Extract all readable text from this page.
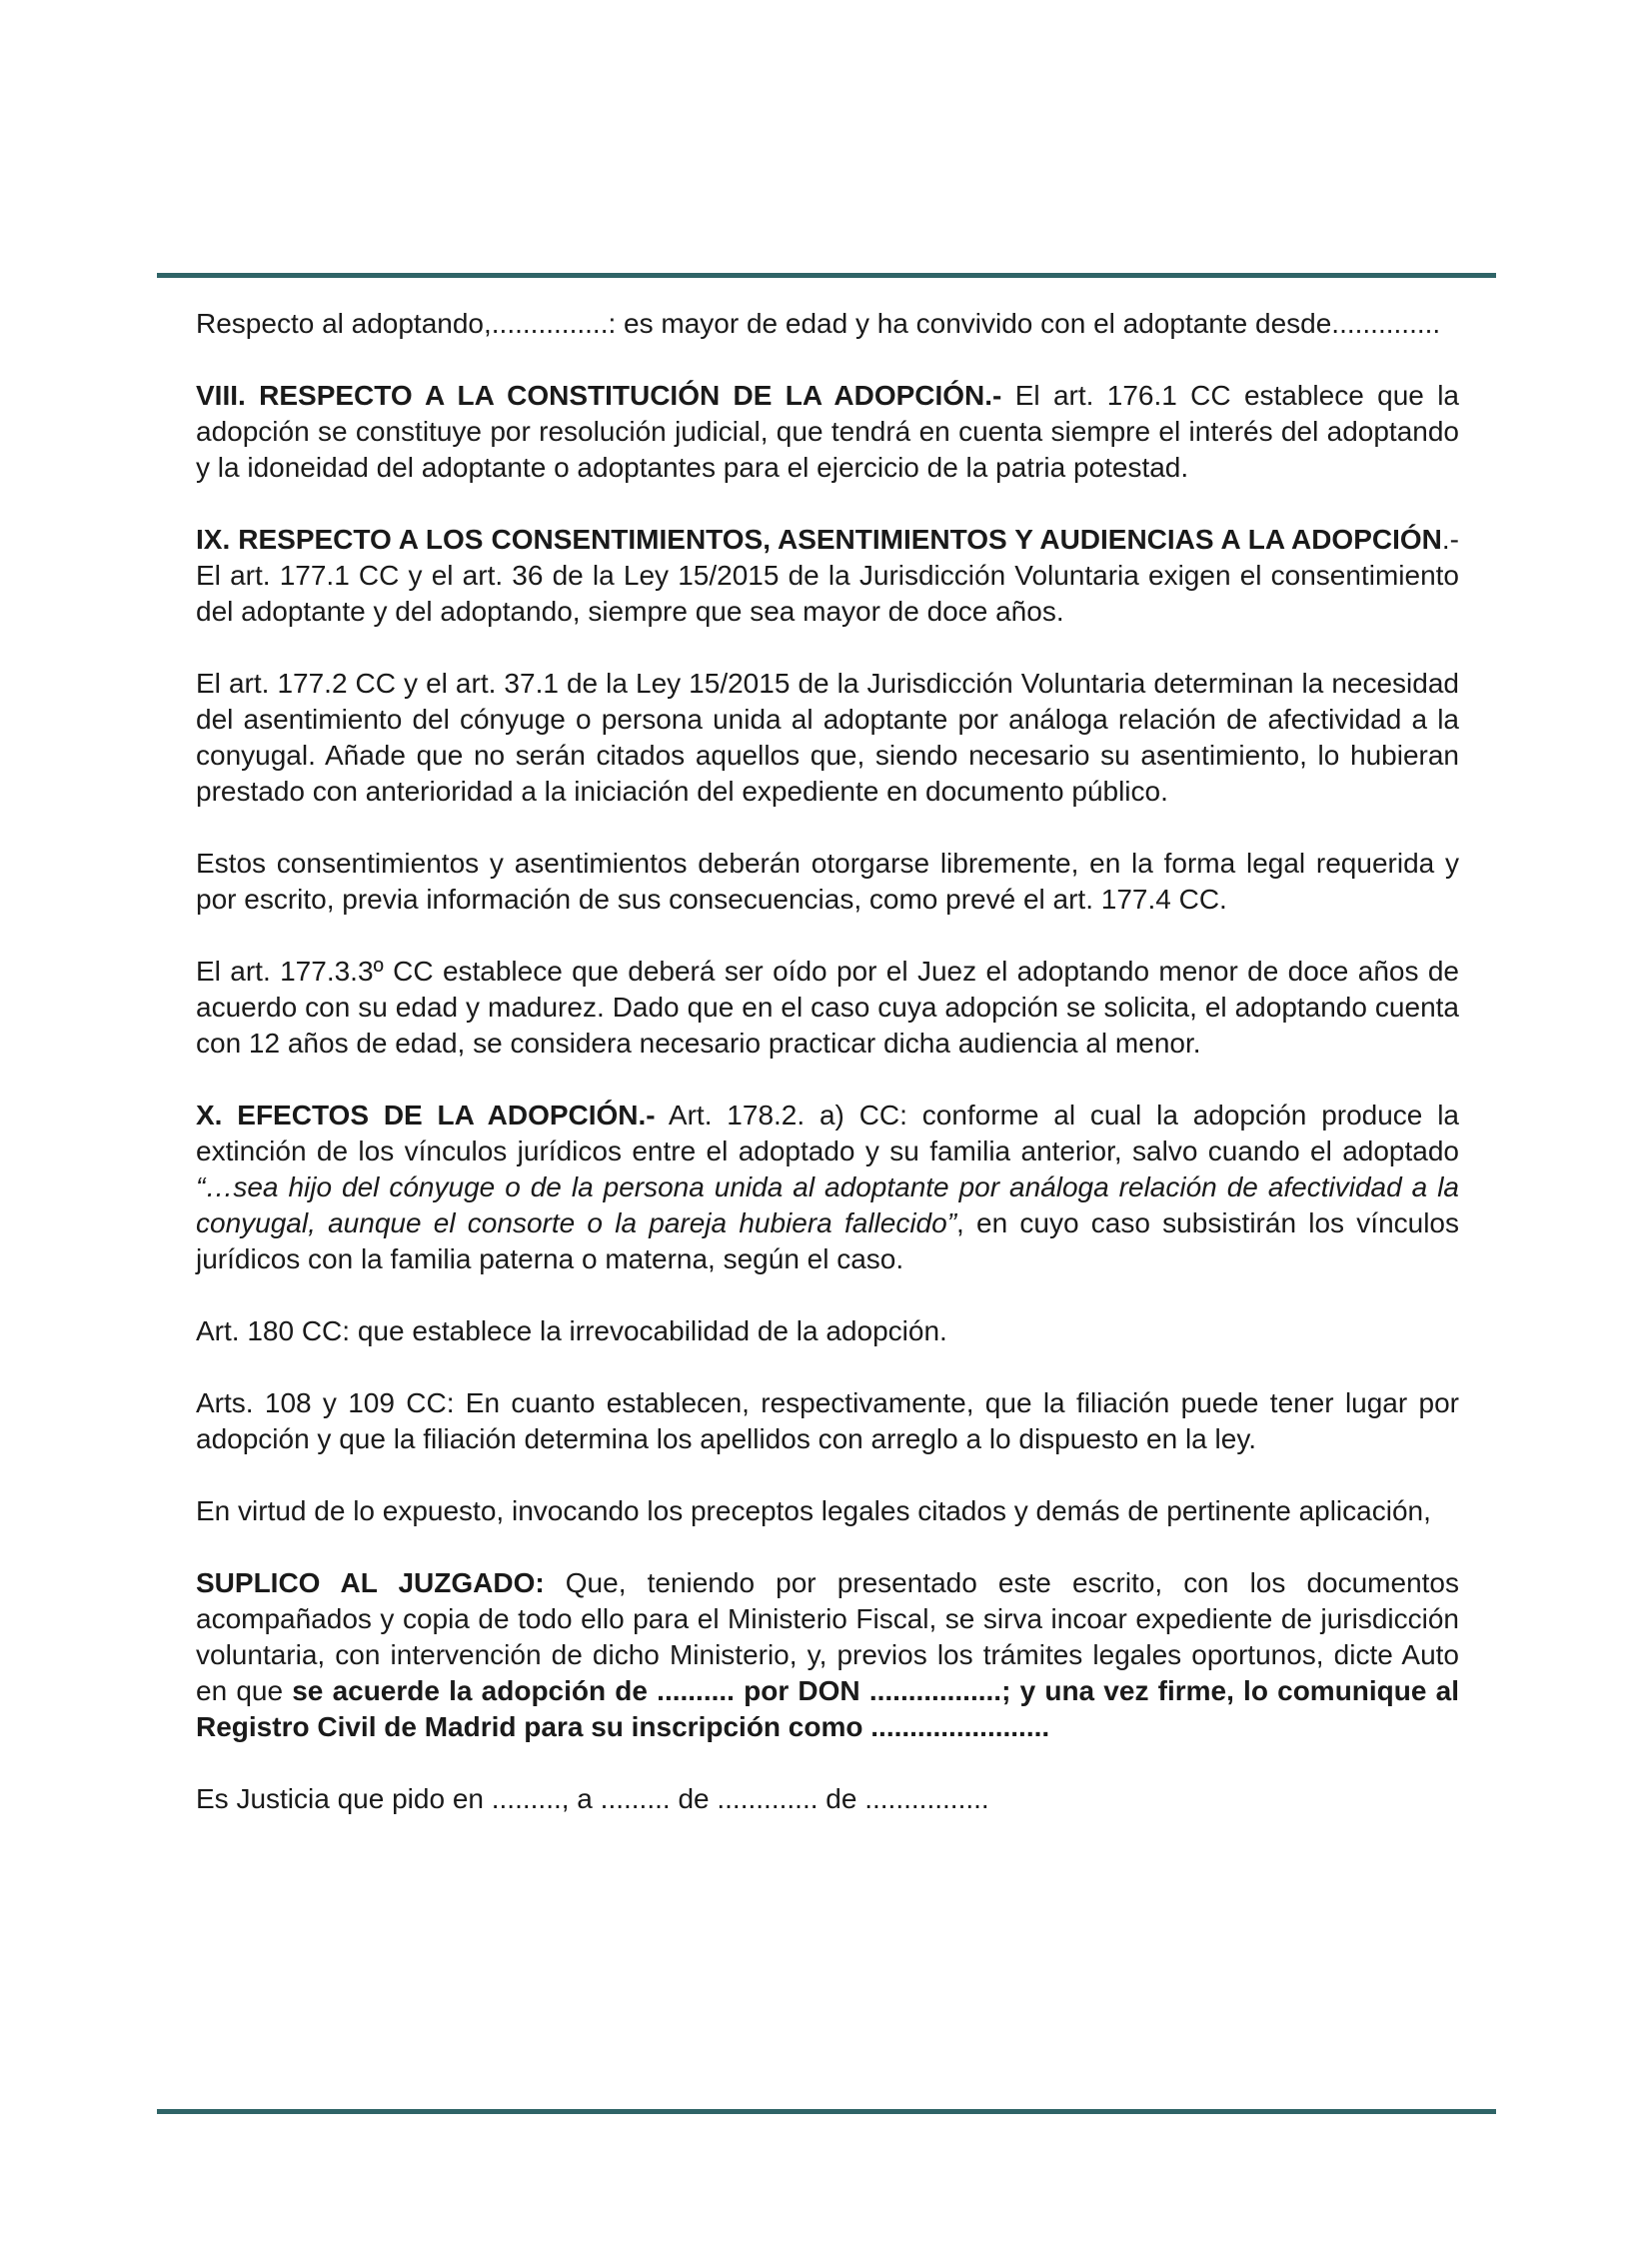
Respecto al adoptando,...............: es mayor de edad y ha convivido con el adoptante desde..............

VIII. RESPECTO A LA CONSTITUCIÓN DE LA ADOPCIÓN.- El art. 176.1 CC establece que la adopción se constituye por resolución judicial, que tendrá en cuenta siempre el interés del adoptando y la idoneidad del adoptante o adoptantes para el ejercicio de la patria potestad.

IX. RESPECTO A LOS CONSENTIMIENTOS, ASENTIMIENTOS Y AUDIENCIAS A LA ADOPCIÓN.- El art. 177.1 CC y el art. 36 de la Ley 15/2015 de la Jurisdicción Voluntaria exigen el consentimiento del adoptante y del adoptando, siempre que sea mayor de doce años.

El art. 177.2 CC y el art. 37.1 de la Ley 15/2015 de la Jurisdicción Voluntaria determinan la necesidad del asentimiento del cónyuge o persona unida al adoptante por análoga relación de afectividad a la conyugal. Añade que no serán citados aquellos que, siendo necesario su asentimiento, lo hubieran prestado con anterioridad a la iniciación del expediente en documento público.

Estos consentimientos y asentimientos deberán otorgarse libremente, en la forma legal requerida y por escrito, previa información de sus consecuencias, como prevé el art. 177.4 CC.

El art. 177.3.3º CC establece que deberá ser oído por el Juez el adoptando menor de doce años de acuerdo con su edad y madurez. Dado que en el caso cuya adopción se solicita, el adoptando cuenta con 12 años de edad, se considera necesario practicar dicha audiencia al menor.

X. EFECTOS DE LA ADOPCIÓN.- Art. 178.2. a) CC: conforme al cual la adopción produce la extinción de los vínculos jurídicos entre el adoptado y su familia anterior, salvo cuando el adoptado “…sea hijo del cónyuge o de la persona unida al adoptante por análoga relación de afectividad a la conyugal, aunque el consorte o la pareja hubiera fallecido”, en cuyo caso subsistirán los vínculos jurídicos con la familia paterna o materna, según el caso.

Art. 180 CC: que establece la irrevocabilidad de la adopción.

Arts. 108 y 109 CC: En cuanto establecen, respectivamente, que la filiación puede tener lugar por adopción y que la filiación determina los apellidos con arreglo a lo dispuesto en la ley.

En virtud de lo expuesto, invocando los preceptos legales citados y demás de pertinente aplicación,

SUPLICO AL JUZGADO: Que, teniendo por presentado este escrito, con los documentos acompañados y copia de todo ello para el Ministerio Fiscal, se sirva incoar expediente de jurisdicción voluntaria, con intervención de dicho Ministerio, y, previos los trámites legales oportunos, dicte Auto en que se acuerde la adopción de .......... por DON .................; y una vez firme, lo comunique al Registro Civil de Madrid para su inscripción como .......................

Es Justicia que pido en ........., a ......... de ............. de ................
